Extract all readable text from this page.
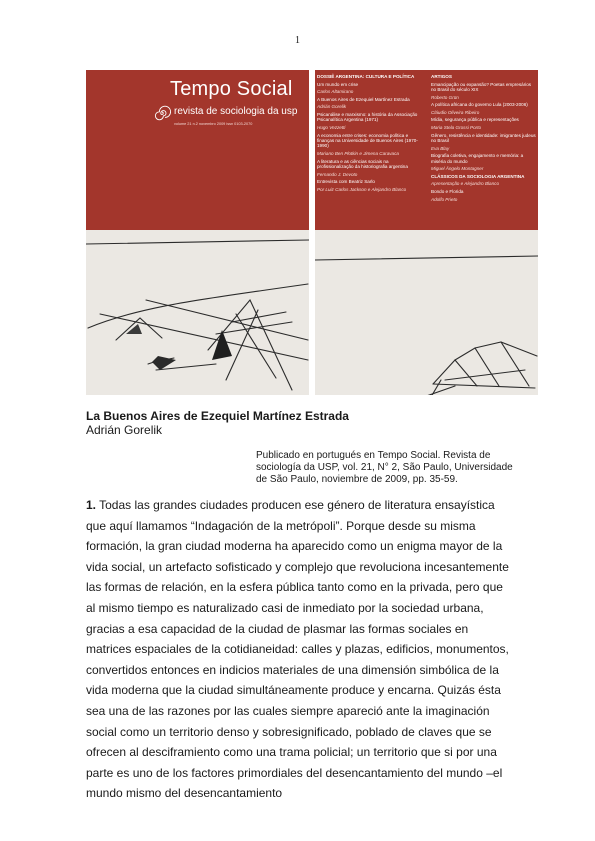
1
Tempo Social
revista de sociologia da usp
volume 21 n.2 novembro 2009 issn 0103-2070
DOSSIÊ ARGENTINA: CULTURA E POLÍTICA
Um mundo em crise
Carlos Altamirano
A Buenos Aires de Ezequiel Martínez Estrada
Adrián Gorelik
Psicanálise e marxismo: a história da Associação Psicanalítica Argentina (1971)
Hugo Vezzetti
A economia entre crises: economia política e finanças na Universidade de Buenos Aires (1970-1990)
Mariano Ben Plotkin e Jimena Caravaca
A literatura e as ciências sociais na profissionalização da historiografia argentina
Fernando J. Devoto
Entrevista com Beatriz Sarlo
Por Luiz Carlos Jackson e Alejandro Blanco
ARTIGOS
Emancipação ou expansão? Poetas empresários no Brasil do século XIX
Roberto Grün
A política africana do governo Lula (2003-2006)
Cláudio Oliveira Ribeiro
Mídia, segurança pública e representações
Maria Stela Grossi Porto
Gênero, resistência e identidade: imigrantes judeus no Brasil
Eva Blay
Biografia coletiva, engajamento e memória: a miséria do mundo
Miguel Ângelo Montagner
CLÁSSICOS DA SOCIOLOGIA ARGENTINA
Apresentação e Alejandro Blanco
Bondo e Florida
Adolfo Prieto
La Buenos Aires de Ezequiel Martínez Estrada
Adrián Gorelik
Publicado en portugués en Tempo Social. Revista de sociología da USP, vol. 21, N° 2, São Paulo, Universidade de São Paulo, noviembre de 2009, pp. 35-59.
1. Todas las grandes ciudades producen ese género de literatura ensayística que aquí llamamos “Indagación de la metrópoli”. Porque desde su misma formación, la gran ciudad moderna ha aparecido como un enigma mayor de la vida social, un artefacto sofisticado y complejo que revoluciona incesantemente las formas de relación, en la esfera pública tanto como en la privada, pero que al mismo tiempo es naturalizado casi de inmediato por la sociedad urbana, gracias a esa capacidad de la ciudad de plasmar las formas sociales en matrices espaciales de la cotidianeidad: calles y plazas, edificios, monumentos, convertidos entonces en indicios materiales de una dimensión simbólica de la vida moderna que la ciudad simultáneamente produce y encarna. Quizás ésta sea una de las razones por las cuales siempre apareció ante la imaginación social como un territorio denso y sobresignificado, poblado de claves que se ofrecen al desciframiento como una trama policial; un territorio que si por una parte es uno de los factores primordiales del desencantamiento del mundo –el mundo mismo del desencantamiento
